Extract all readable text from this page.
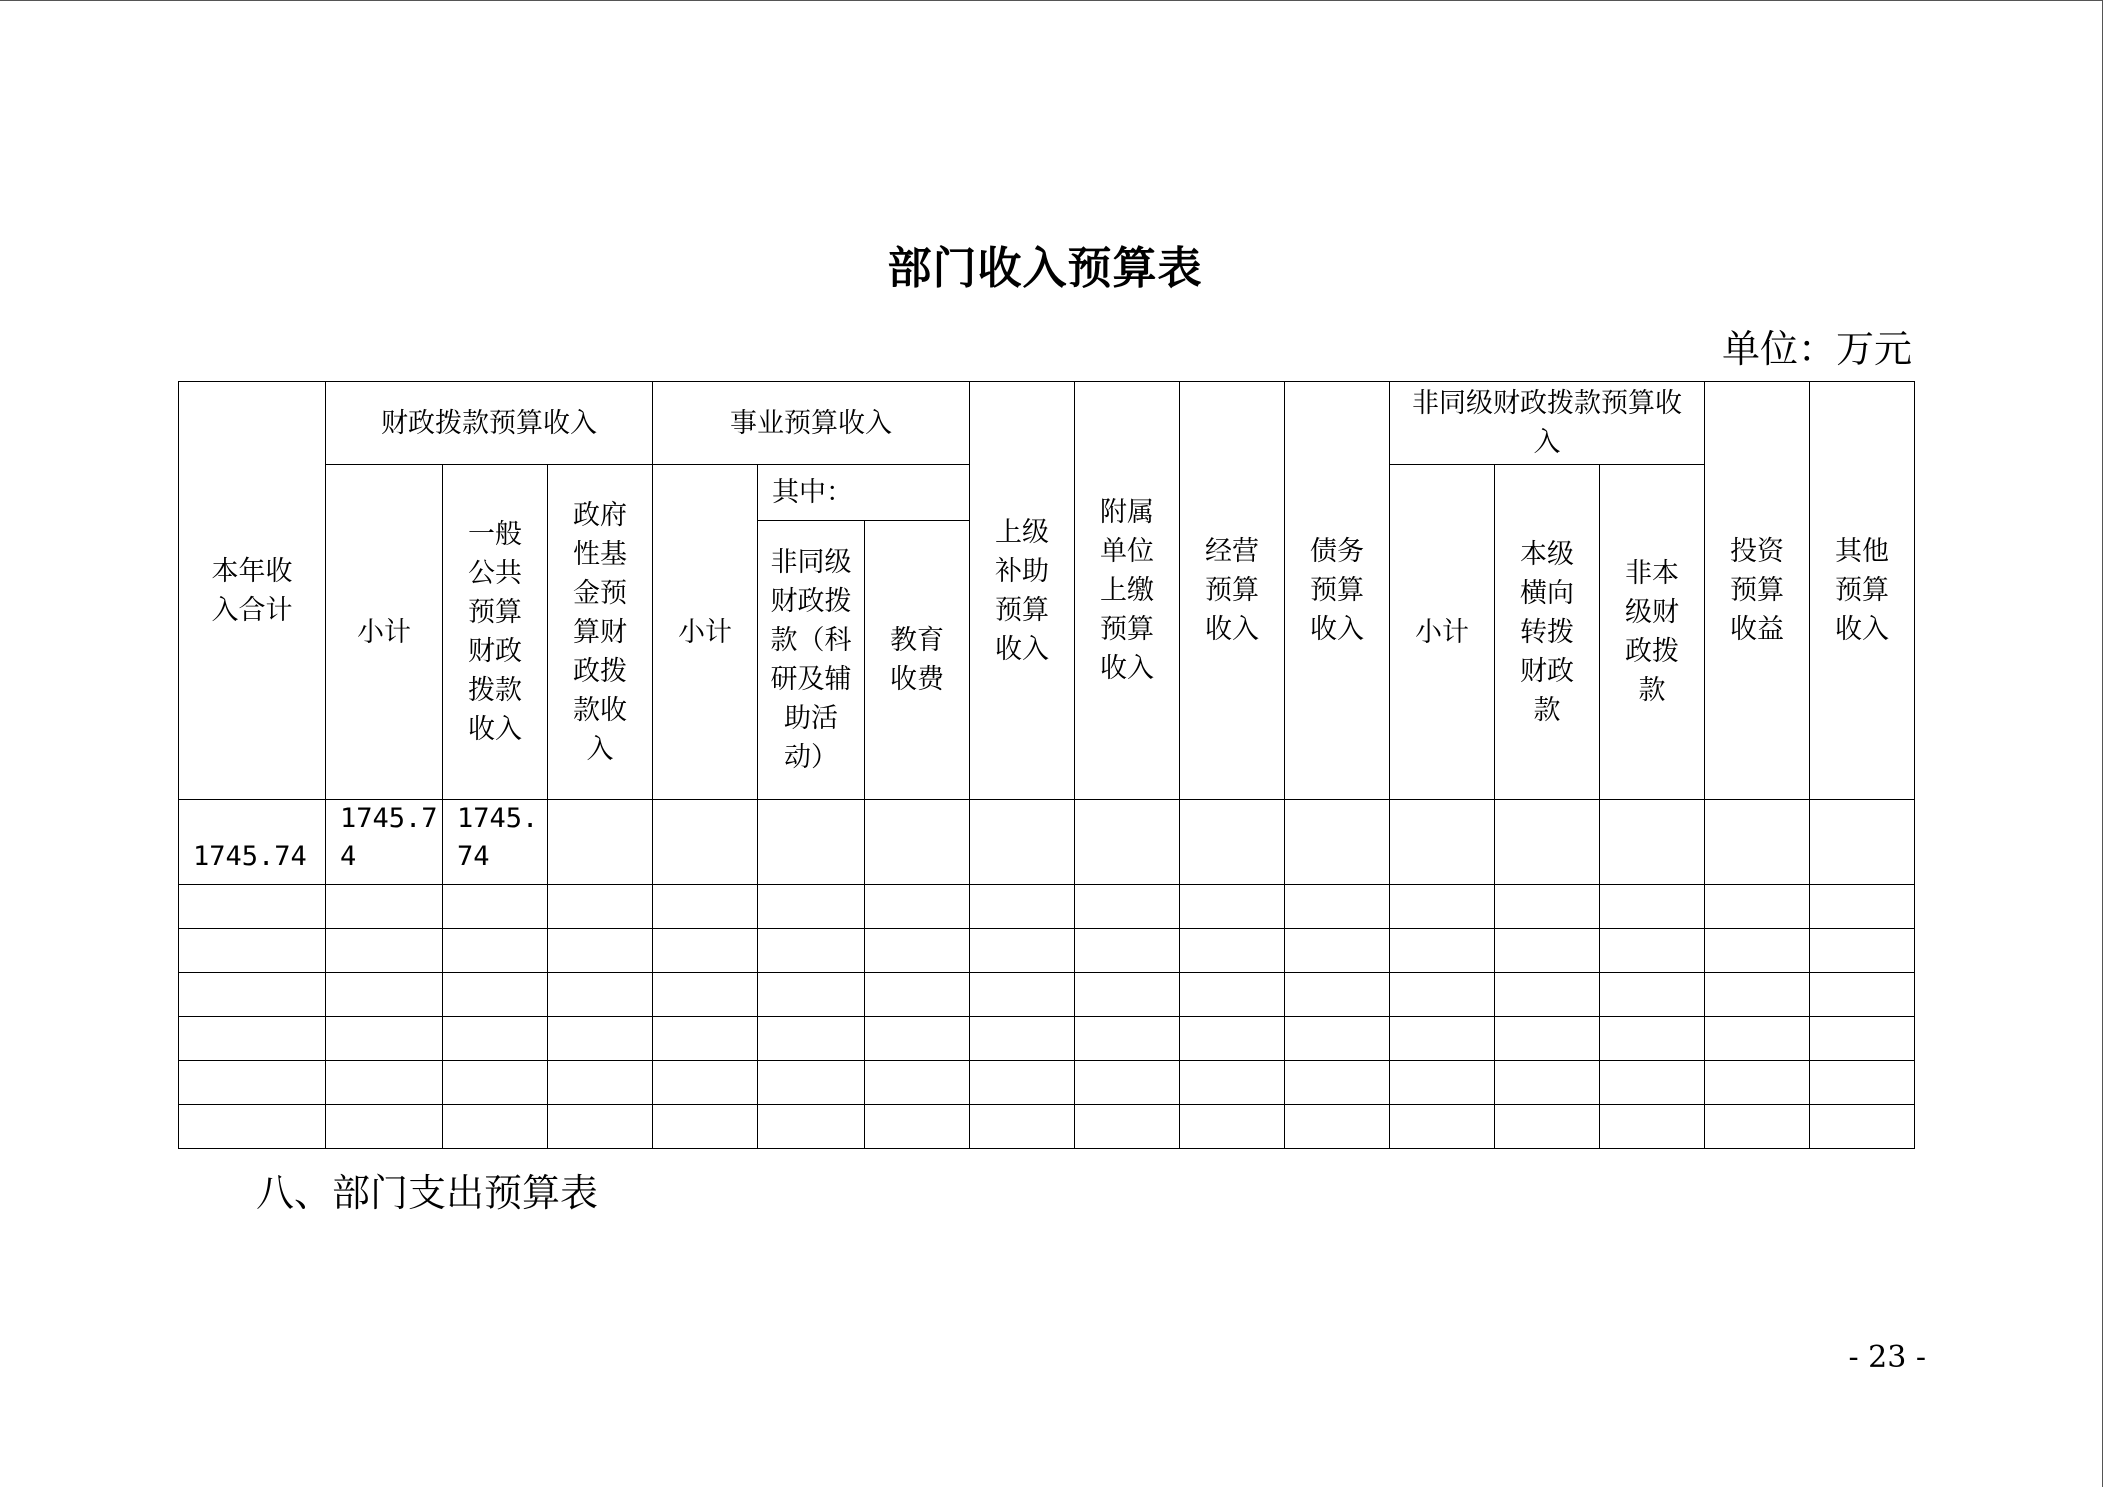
部门收入预算表
单位：万元
本年收入合计	财政拨款预算收入			事业预算收入			上级补助预算收入	附属单位上缴预算收入	经营预算收入	债务预算收入	非同级财政拨款预算收入			投资预算收益	其他预算收入
	小计	一般公共预算财政拨款收入	政府性基金预算财政拨款收入	小计	其中：						小计	本级横向转拨财政款	非本级财政拨款		
					非同级财政拨款（科研及辅助活动）	教育收费									
1745.74	1745.74	1745.74													

八、部门支出预算表
- 23 -
